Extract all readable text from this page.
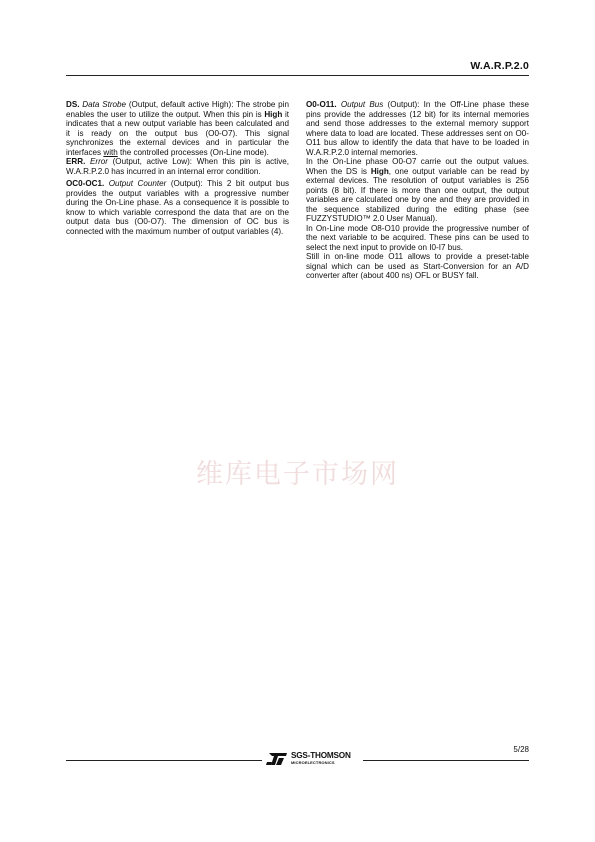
W.A.R.P.2.0

DS. Data Strobe (Output, default active High): The strobe pin enables the user to utilize the output. When this pin is High it indicates that a new output variable has been calculated and it is ready on the output bus (O0-O7). This signal synchronizes the external devices and in particular the interfaces with the controlled processes (On-Line mode).

ERR. Error (Output, active Low): When this pin is active, W.A.R.P.2.0 has incurred in an internal error condition.

OC0-OC1. Output Counter (Output): This 2 bit output bus provides the output variables with a progressive number during the On-Line phase. As a consequence it is possible to know to which variable correspond the data that are on the output data bus (O0-O7). The dimension of OC bus is connected with the maximum number of output variables (4).

O0-O11. Output Bus (Output): In the Off-Line phase these pins provide the addresses (12 bit) for its internal memories and send those addresses to the external memory support where data to load are located. These addresses sent on O0-O11 bus allow to identify the data that have to be loaded in W.A.R.P.2.0 internal memories.

In the On-Line phase O0-O7 carrie out the output values. When the DS is High, one output variable can be read by external devices. The resolution of output variables is 256 points (8 bit). If there is more than one output, the output variables are calculated one by one and they are provided in the sequence stabilized during the editing phase (see FUZZYSTUDIO™ 2.0 User Manual).

In On-Line mode O8-O10 provide the progressive number of the next variable to be acquired. These pins can be used to select the next input to provide on I0-I7 bus.

Still in on-line mode O11 allows to provide a preset-table signal which can be used as Start-Conversion for an A/D converter after (about 400 ns) OFL or BUSY fall.

维库电子市场网
SGS-THOMSON
MICROELECTRONICS
5/28
